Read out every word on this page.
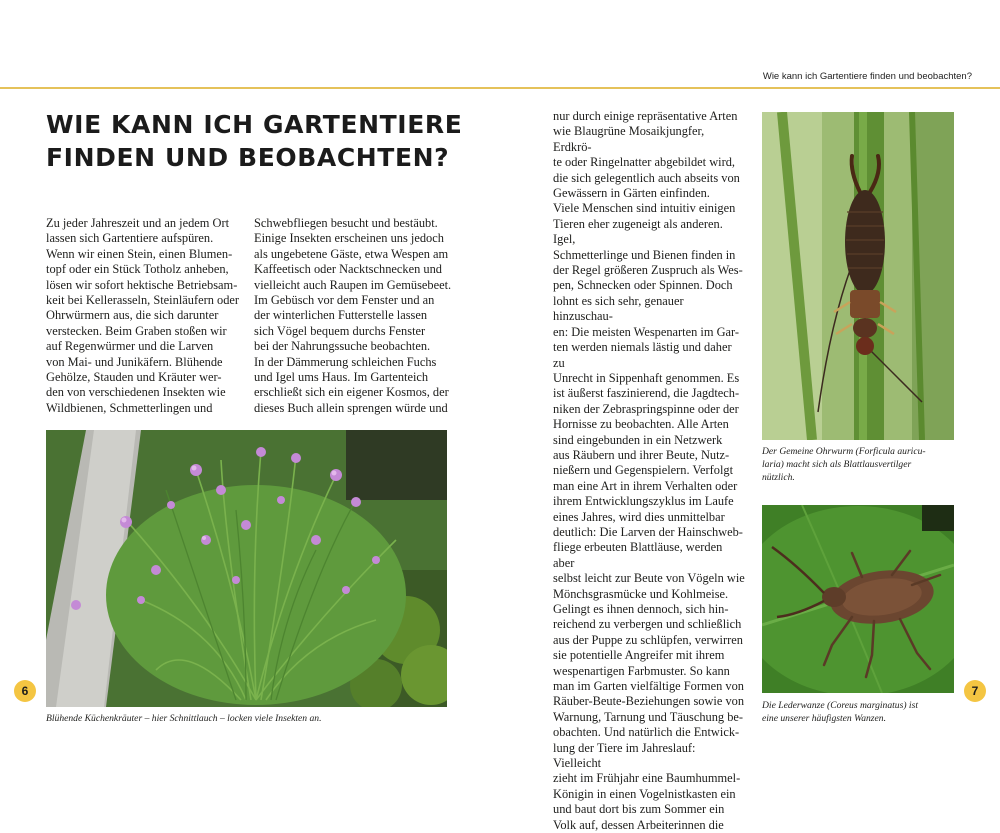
Wie kann ich Gartentiere finden und beobachten?
WIE KANN ICH GARTENTIERE FINDEN UND BEOBACHTEN?
Zu jeder Jahreszeit und an jedem Ort
lassen sich Gartentiere aufspüren.
Wenn wir einen Stein, einen Blumen-
topf oder ein Stück Totholz anheben,
lösen wir sofort hektische Betriebsam-
keit bei Kellerasseln, Steinläufern oder
Ohrwürmern aus, die sich darunter
verstecken. Beim Graben stoßen wir
auf Regenwürmer und die Larven
von Mai- und Junikäfern. Blühende
Gehölze, Stauden und Kräuter wer-
den von verschiedenen Insekten wie
Wildbienen, Schmetterlingen und
Schwebfliegen besucht und bestäubt.
Einige Insekten erscheinen uns jedoch
als ungebetene Gäste, etwa Wespen am
Kaffeetisch oder Nacktschnecken und
vielleicht auch Raupen im Gemüsebeet.
Im Gebüsch vor dem Fenster und an
der winterlichen Futterstelle lassen
sich Vögel bequem durchs Fenster
bei der Nahrungssuche beobachten.
In der Dämmerung schleichen Fuchs
und Igel ums Haus. Im Gartenteich
erschließt sich ein eigener Kosmos, der
dieses Buch allein sprengen würde und
nur durch einige repräsentative Arten
wie Blaugrüne Mosaikjungfer, Erdkrö-
te oder Ringelnatter abgebildet wird,
die sich gelegentlich auch abseits von
Gewässern in Gärten einfinden.
Viele Menschen sind intuitiv einigen
Tieren eher zugeneigt als anderen. Igel,
Schmetterlinge und Bienen finden in
der Regel größeren Zuspruch als Wes-
pen, Schnecken oder Spinnen. Doch
lohnt es sich sehr, genauer hinzuschau-
en: Die meisten Wespenarten im Gar-
ten werden niemals lästig und daher zu
Unrecht in Sippenhaft genommen. Es
ist äußerst faszinierend, die Jagdtech-
niken der Zebraspringspinne oder der
Hornisse zu beobachten. Alle Arten
sind eingebunden in ein Netzwerk
aus Räubern und ihrer Beute, Nutz-
nießern und Gegenspielern. Verfolgt
man eine Art in ihrem Verhalten oder
ihrem Entwicklungszyklus im Laufe
eines Jahres, wird dies unmittelbar
deutlich: Die Larven der Hainschweb-
fliege erbeuten Blattläuse, werden aber
selbst leicht zur Beute von Vögeln wie
Mönchsgrasmücke und Kohlmeise.
Gelingt es ihnen dennoch, sich hin-
reichend zu verbergen und schließlich
aus der Puppe zu schlüpfen, verwirren
sie potentielle Angreifer mit ihrem
wespenartigen Farbmuster. So kann
man im Garten vielfältige Formen von
Räuber-Beute-Beziehungen sowie von
Warnung, Tarnung und Täuschung be-
obachten. Und natürlich die Entwick-
lung der Tiere im Jahreslauf: Vielleicht
zieht im Frühjahr eine Baumhummel-
Königin in einen Vogelnistkasten ein
und baut dort bis zum Sommer ein
Volk auf, dessen Arbeiterinnen die
Blühende Küchenkräuter – hier Schnittlauch – locken viele Insekten an.
Der Gemeine Ohrwurm (Forficula auricu-
laria) macht sich als Blattlausvertilger
nützlich.
Die Lederwanze (Coreus marginatus) ist
eine unserer häufigsten Wanzen.
6	7
